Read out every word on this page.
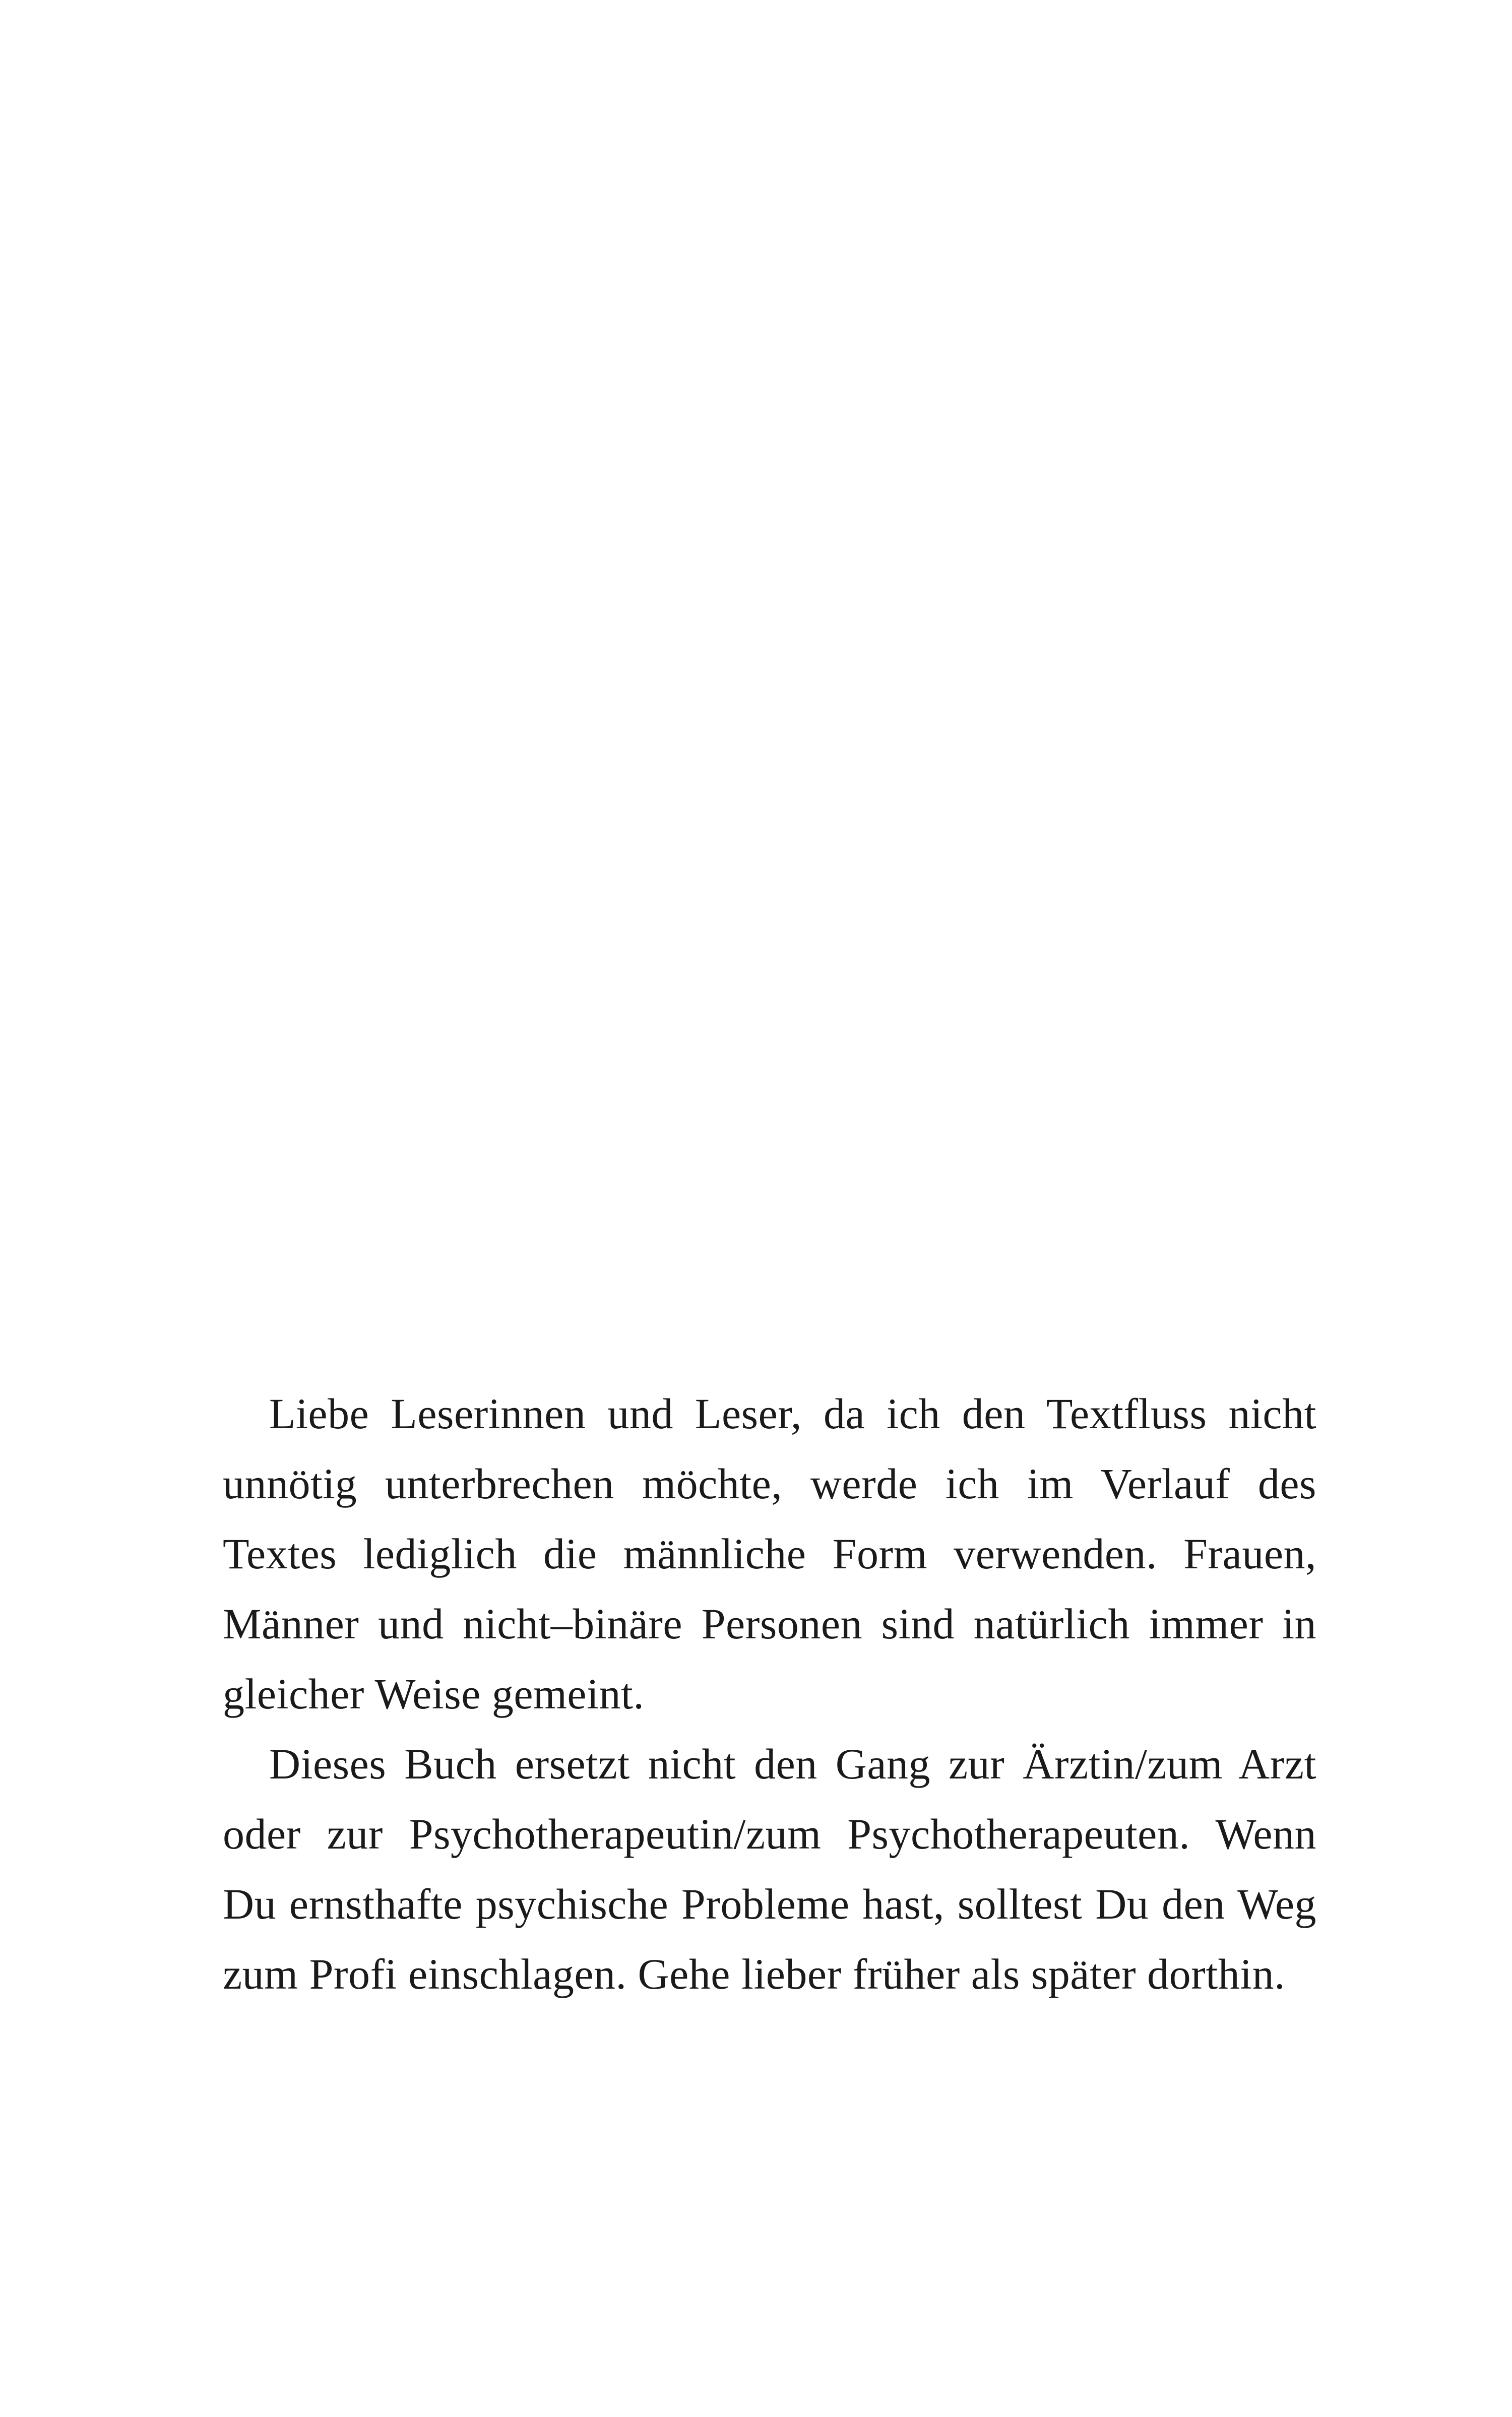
Liebe Leserinnen und Leser, da ich den Textfluss nicht unnötig unterbrechen möchte, werde ich im Verlauf des Textes lediglich die männliche Form verwenden. Frauen, Männer und nicht–binäre Personen sind natürlich immer in gleicher Weise gemeint.

Dieses Buch ersetzt nicht den Gang zur Ärztin/zum Arzt oder zur Psychotherapeutin/zum Psychotherapeuten. Wenn Du ernsthafte psychische Probleme hast, solltest Du den Weg zum Profi einschlagen. Gehe lieber früher als später dorthin.
